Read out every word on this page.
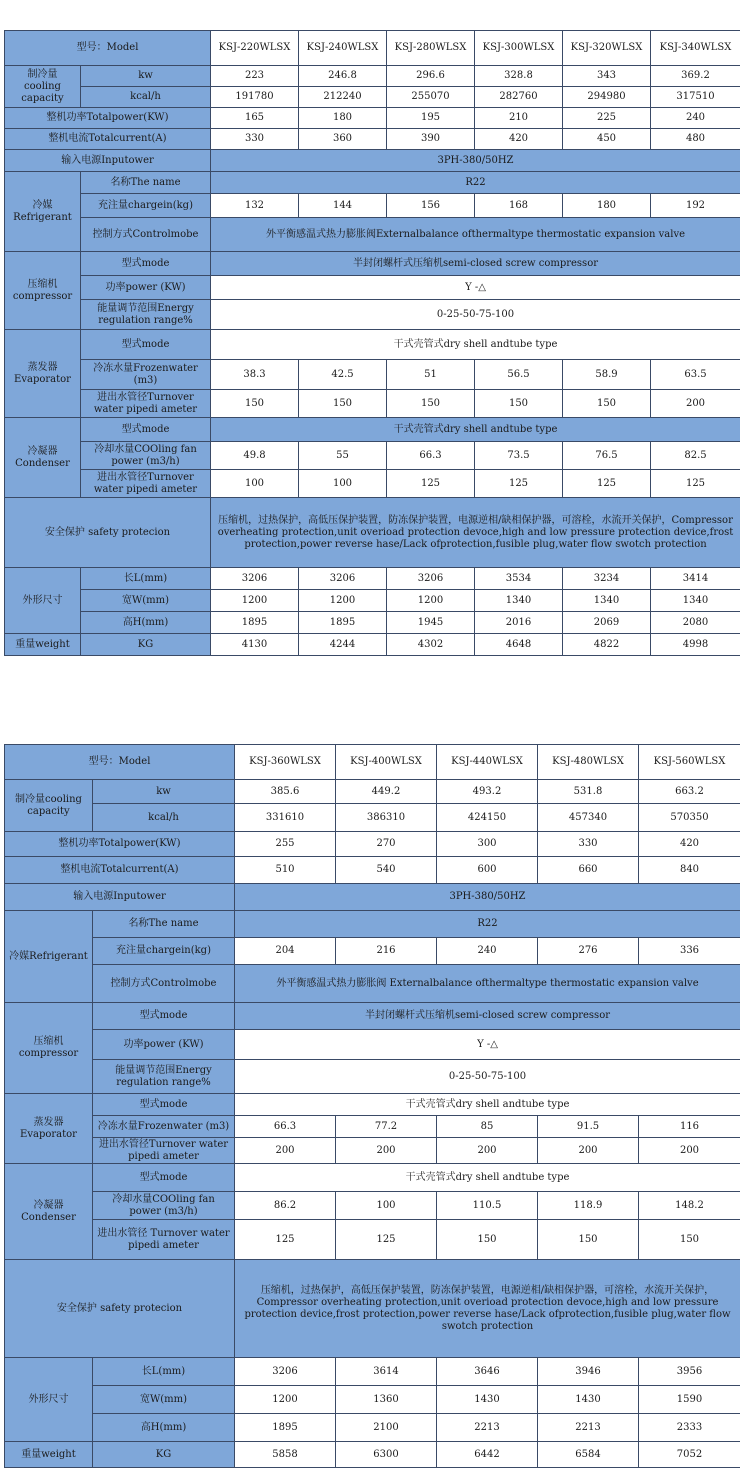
型号：Model		KSJ-220WLSX	KSJ-240WLSX	KSJ-280WLSX	KSJ-300WLSX	KSJ-320WLSX	KSJ-340WLSX
制冷量 cooling capacity	kw	223	246.8	296.6	328.8	343	369.2
	kcal/h	191780	212240	255070	282760	294980	317510
整机功率Totalpower(KW)		165	180	195	210	225	240
整机电流Totalcurrent(A)		330	360	390	420	450	480
输入电源Inputower		3PH-380/50HZ					
冷媒 Refrigerant	名称The name	R22					
	充注量chargein(kg)	132	144	156	168	180	192
	控制方式Controlmobe	外平衡感温式热力膨胀阀Externalbalance ofthermaltype thermostatic expansion valve					
压缩机 compressor	型式mode	半封闭螺杆式压缩机semi-closed screw compressor					
	功率power (KW)	Y -△					
	能量调节范围Energy regulation range%	0-25-50-75-100					
蒸发器 Evaporator	型式mode	干式壳管式dry shell andtube type					
	冷冻水量Frozenwater (m3)	38.3	42.5	51	56.5	58.9	63.5
	进出水管径Turnover water pipedi ameter	150	150	150	150	150	200
冷凝器 Condenser	型式mode	干式壳管式dry shell andtube type					
	冷却水量COOling fan power (m3/h)	49.8	55	66.3	73.5	76.5	82.5
	进出水管径Turnover water pipedi ameter	100	100	125	125	125	125
安全保护 safety protecion		压缩机，过热保护，高低压保护装置，防冻保护装置，电源逆相/缺相保护器，可溶栓，水流开关保护，Compressor overheating protection,unit overioad protection devoce,high and low pressure protection device,frost protection,power reverse hase/Lack ofprotection,fusible plug,water flow swotch protection					
外形尺寸	长L(mm)	3206	3206	3206	3534	3234	3414
	宽W(mm)	1200	1200	1200	1340	1340	1340
	高H(mm)	1895	1895	1945	2016	2069	2080
重量weight	KG	4130	4244	4302	4648	4822	4998
型号：Model		KSJ-360WLSX	KSJ-400WLSX	KSJ-440WLSX	KSJ-480WLSX	KSJ-560WLSX
制冷量cooling capacity	kw	385.6	449.2	493.2	531.8	663.2
	kcal/h	331610	386310	424150	457340	570350
整机功率Totalpower(KW)		255	270	300	330	420
整机电流Totalcurrent(A)		510	540	600	660	840
输入电源Inputower		3PH-380/50HZ				
冷媒Refrigerant	名称The name	R22				
	充注量chargein(kg)	204	216	240	276	336
	控制方式Controlmobe	外平衡感温式热力膨胀阀 Externalbalance ofthermaltype thermostatic expansion valve				
压缩机 compressor	型式mode	半封闭螺杆式压缩机semi-closed screw compressor				
	功率power (KW)	Y -△				
	能量调节范围Energy regulation range%	0-25-50-75-100				
蒸发器 Evaporator	型式mode	干式壳管式dry shell andtube type				
	冷冻水量Frozenwater (m3)	66.3	77.2	85	91.5	116
	进出水管径Turnover water pipedi ameter	200	200	200	200	200
冷凝器 Condenser	型式mode	干式壳管式dry shell andtube type				
	冷却水量COOling fan power (m3/h)	86.2	100	110.5	118.9	148.2
	进出水管径 Turnover water pipedi ameter	125	125	150	150	150
安全保护 safety protecion		压缩机，过热保护，高低压保护装置，防冻保护装置，电源逆相/缺相保护器，可溶栓，水流开关保护，Compressor overheating protection,unit overioad protection devoce,high and low pressure protection device,frost protection,power reverse hase/Lack ofprotection,fusible plug,water flow swotch protection				
外形尺寸	长L(mm)	3206	3614	3646	3946	3956
	宽W(mm)	1200	1360	1430	1430	1590
	高H(mm)	1895	2100	2213	2213	2333
重量weight	KG	5858	6300	6442	6584	7052
